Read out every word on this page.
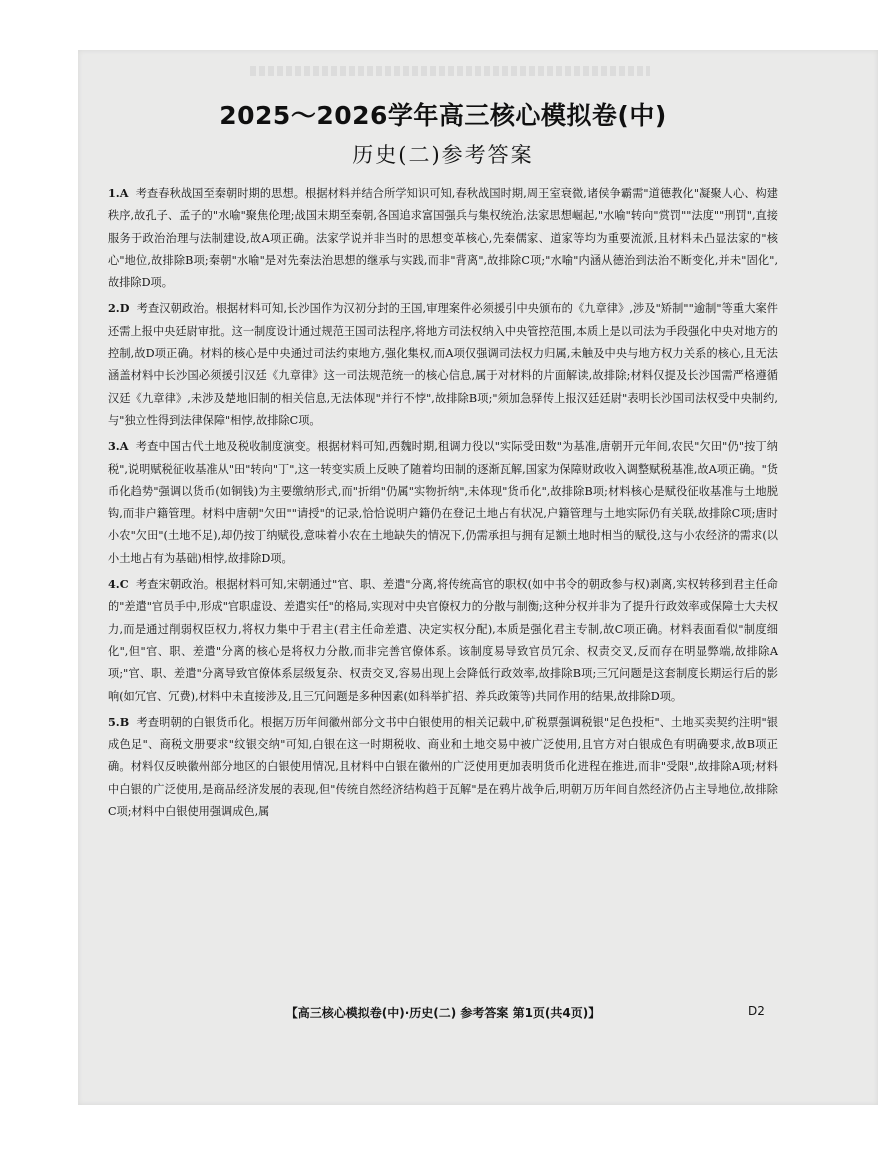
2025～2026学年高三核心模拟卷(中)
历史(二)参考答案

1.A 考查春秋战国至秦朝时期的思想。根据材料并结合所学知识可知,春秋战国时期,周王室衰微,诸侯争霸需"道德教化"凝聚人心、构建秩序,故孔子、孟子的"水喻"聚焦伦理;战国末期至秦朝,各国追求富国强兵与集权统治,法家思想崛起,"水喻"转向"赏罚""法度""刑罚",直接服务于政治治理与法制建设,故A项正确。法家学说并非当时的思想变革核心,先秦儒家、道家等均为重要流派,且材料未凸显法家的"核心"地位,故排除B项;秦朝"水喻"是对先秦法治思想的继承与实践,而非"背离",故排除C项;"水喻"内涵从德治到法治不断变化,并未"固化",故排除D项。

2.D 考查汉朝政治。根据材料可知,长沙国作为汉初分封的王国,审理案件必须援引中央颁布的《九章律》,涉及"矫制""逾制"等重大案件还需上报中央廷尉审批。这一制度设计通过规范王国司法程序,将地方司法权纳入中央管控范围,本质上是以司法为手段强化中央对地方的控制,故D项正确。材料的核心是中央通过司法约束地方,强化集权,而A项仅强调司法权力归属,未触及中央与地方权力关系的核心,且无法涵盖材料中长沙国必须援引汉廷《九章律》这一司法规范统一的核心信息,属于对材料的片面解读,故排除;材料仅提及长沙国需严格遵循汉廷《九章律》,未涉及楚地旧制的相关信息,无法体现"并行不悖",故排除B项;"须加急驿传上报汉廷廷尉"表明长沙国司法权受中央制约,与"独立性得到法律保障"相悖,故排除C项。

3.A 考查中国古代土地及税收制度演变。根据材料可知,西魏时期,租调力役以"实际受田数"为基准,唐朝开元年间,农民"欠田"仍"按丁纳税",说明赋税征收基准从"田"转向"丁",这一转变实质上反映了随着均田制的逐渐瓦解,国家为保障财政收入调整赋税基准,故A项正确。"货币化趋势"强调以货币(如铜钱)为主要缴纳形式,而"折绢"仍属"实物折纳",未体现"货币化",故排除B项;材料核心是赋役征收基准与土地脱钩,而非户籍管理。材料中唐朝"欠田""请授"的记录,恰恰说明户籍仍在登记土地占有状况,户籍管理与土地实际仍有关联,故排除C项;唐时小农"欠田"(土地不足),却仍按丁纳赋役,意味着小农在土地缺失的情况下,仍需承担与拥有足额土地时相当的赋役,这与小农经济的需求(以小土地占有为基础)相悖,故排除D项。

4.C 考查宋朝政治。根据材料可知,宋朝通过"官、职、差遣"分离,将传统高官的职权(如中书令的朝政参与权)剥离,实权转移到君主任命的"差遣"官员手中,形成"官职虚设、差遣实任"的格局,实现对中央官僚权力的分散与制衡;这种分权并非为了提升行政效率或保障士大夫权力,而是通过削弱权臣权力,将权力集中于君主(君主任命差遣、决定实权分配),本质是强化君主专制,故C项正确。材料表面看似"制度细化",但"官、职、差遣"分离的核心是将权力分散,而非完善官僚体系。该制度易导致官员冗余、权责交叉,反而存在明显弊端,故排除A项;"官、职、差遣"分离导致官僚体系层级复杂、权责交叉,容易出现上会降低行政效率,故排除B项;三冗问题是这套制度长期运行后的影响(如冗官、冗费),材料中未直接涉及,且三冗问题是多种因素(如科举扩招、养兵政策等)共同作用的结果,故排除D项。

5.B 考查明朝的白银货币化。根据万历年间徽州部分文书中白银使用的相关记载中,矿税票强调税银"足色投柜"、土地买卖契约注明"银成色足"、商税文册要求"纹银交纳"可知,白银在这一时期税收、商业和土地交易中被广泛使用,且官方对白银成色有明确要求,故B项正确。材料仅反映徽州部分地区的白银使用情况,且材料中白银在徽州的广泛使用更加表明货币化进程在推进,而非"受限",故排除A项;材料中白银的广泛使用,是商品经济发展的表现,但"传统自然经济结构趋于瓦解"是在鸦片战争后,明朝万历年间自然经济仍占主导地位,故排除C项;材料中白银使用强调成色,属

【高三核心模拟卷(中)·历史(二) 参考答案 第1页(共4页)】	D2
